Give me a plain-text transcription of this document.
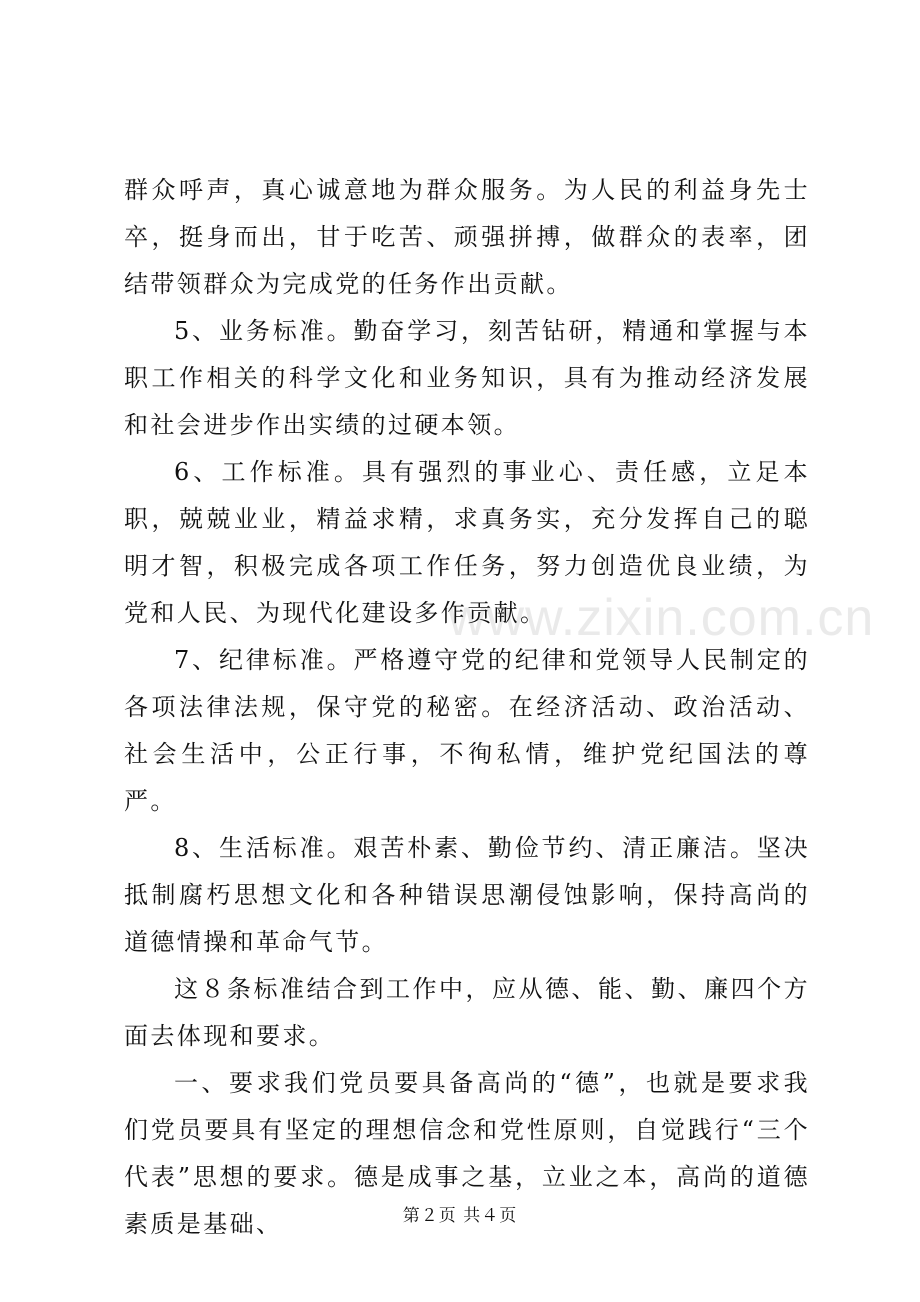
www.zixin.com.cn

群众呼声，真心诚意地为群众服务。为人民的利益身先士卒，挺身而出，甘于吃苦、顽强拼搏，做群众的表率，团结带领群众为完成党的任务作出贡献。

5、业务标准。勤奋学习，刻苦钻研，精通和掌握与本职工作相关的科学文化和业务知识，具有为推动经济发展和社会进步作出实绩的过硬本领。

6、工作标准。具有强烈的事业心、责任感，立足本职，兢兢业业，精益求精，求真务实，充分发挥自己的聪明才智，积极完成各项工作任务，努力创造优良业绩，为党和人民、为现代化建设多作贡献。

7、纪律标准。严格遵守党的纪律和党领导人民制定的各项法律法规，保守党的秘密。在经济活动、政治活动、社会生活中，公正行事，不徇私情，维护党纪国法的尊严。

8、生活标准。艰苦朴素、勤俭节约、清正廉洁。坚决抵制腐朽思想文化和各种错误思潮侵蚀影响，保持高尚的道德情操和革命气节。

这８条标准结合到工作中，应从德、能、勤、廉四个方面去体现和要求。

一、要求我们党员要具备高尚的“德”，也就是要求我们党员要具有坚定的理想信念和党性原则，自觉践行“三个代表”思想的要求。德是成事之基，立业之本，高尚的道德素质是基础、	第２页 共４页
